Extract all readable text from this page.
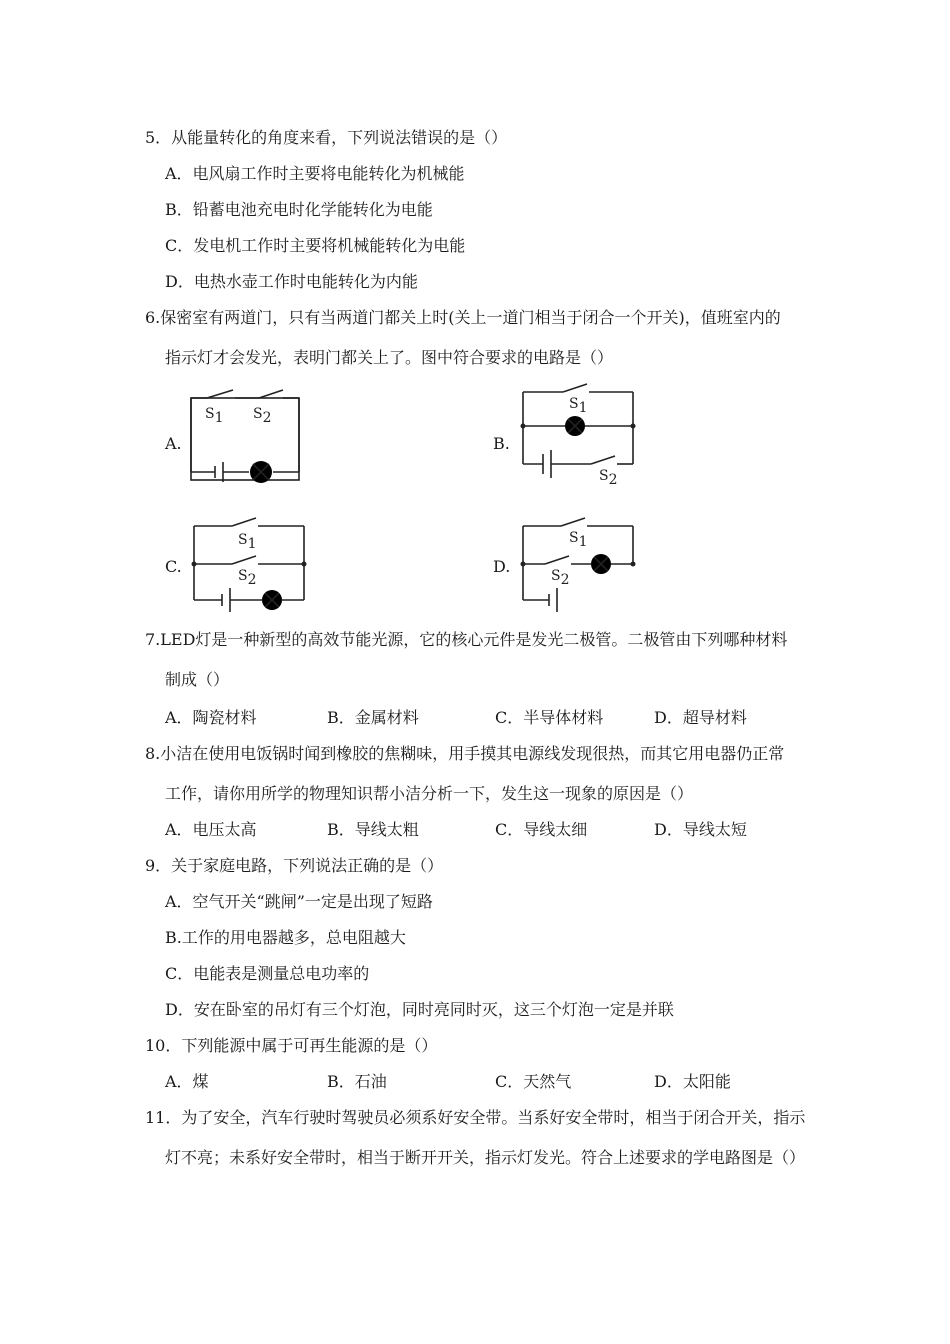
5．从能量转化的角度来看，下列说法错误的是（）
A．电风扇工作时主要将电能转化为机械能
B．铅蓄电池充电时化学能转化为电能
C．发电机工作时主要将机械能转化为电能
D．电热水壶工作时电能转化为内能
6.保密室有两道门，只有当两道门都关上时(关上一道门相当于闭合一个开关)，值班室内的
指示灯才会发光，表明门都关上了。图中符合要求的电路是（）
A.
S1 S2
B.
S1
S2
C.
S1
S2
D.
S1
S2
7.LED灯是一种新型的高效节能光源，它的核心元件是发光二极管。二极管由下列哪种材料
制成（）
A．陶瓷材料	B．金属材料	C．半导体材料	D．超导材料
8.小洁在使用电饭锅时闻到橡胶的焦糊味，用手摸其电源线发现很热，而其它用电器仍正常
工作，请你用所学的物理知识帮小洁分析一下，发生这一现象的原因是（）
A．电压太高	B．导线太粗	C．导线太细	D．导线太短
9．关于家庭电路，下列说法正确的是（）
A．空气开关“跳闸”一定是出现了短路
B.工作的用电器越多，总电阻越大
C．电能表是测量总电功率的
D．安在卧室的吊灯有三个灯泡，同时亮同时灭，这三个灯泡一定是并联
10．下列能源中属于可再生能源的是（）
A．煤	B．石油	C．天然气	D．太阳能
11．为了安全，汽车行驶时驾驶员必须系好安全带。当系好安全带时，相当于闭合开关，指示
灯不亮；未系好安全带时，相当于断开开关，指示灯发光。符合上述要求的学电路图是（）
